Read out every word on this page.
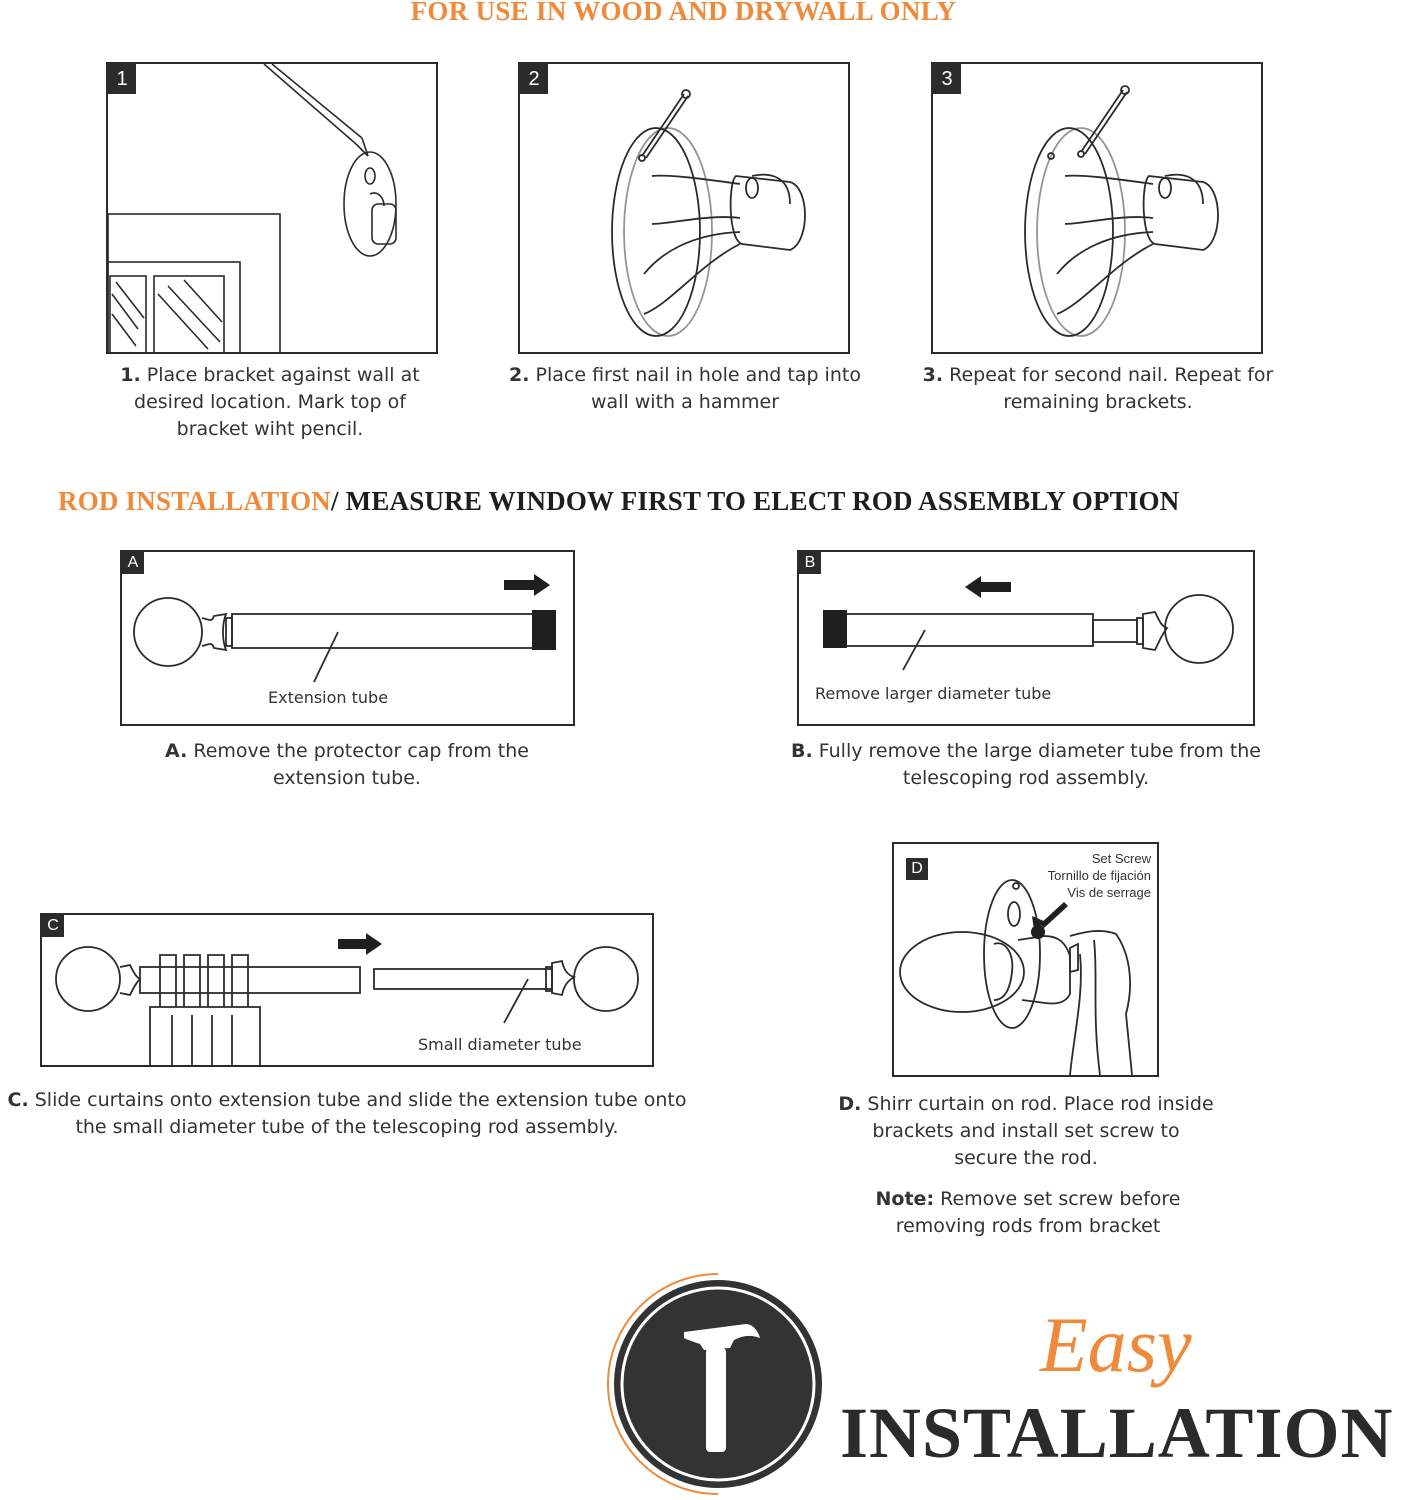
FOR USE IN WOOD AND DRYWALL ONLY
1
1. Place bracket against wall at desired location. Mark top of bracket wiht pencil.
2
2. Place first nail in hole and tap into wall with a hammer
3
3. Repeat for second nail. Repeat for remaining brackets.
ROD INSTALLATION/ MEASURE WINDOW FIRST TO ELECT ROD ASSEMBLY OPTION
A
Extension tube
A. Remove the protector cap from the extension tube.
B
Remove larger diameter tube
B. Fully remove the large diameter tube from the telescoping rod assembly.
C
Small diameter tube
C. Slide curtains onto extension tube and slide the extension tube onto the small diameter tube of the telescoping rod assembly.
D
Set Screw
Tornillo de fijación
Vis de serrage
D. Shirr curtain on rod. Place rod inside brackets and install set screw to secure the rod.
Note: Remove set screw before removing rods from bracket
Easy
INSTALLATION
